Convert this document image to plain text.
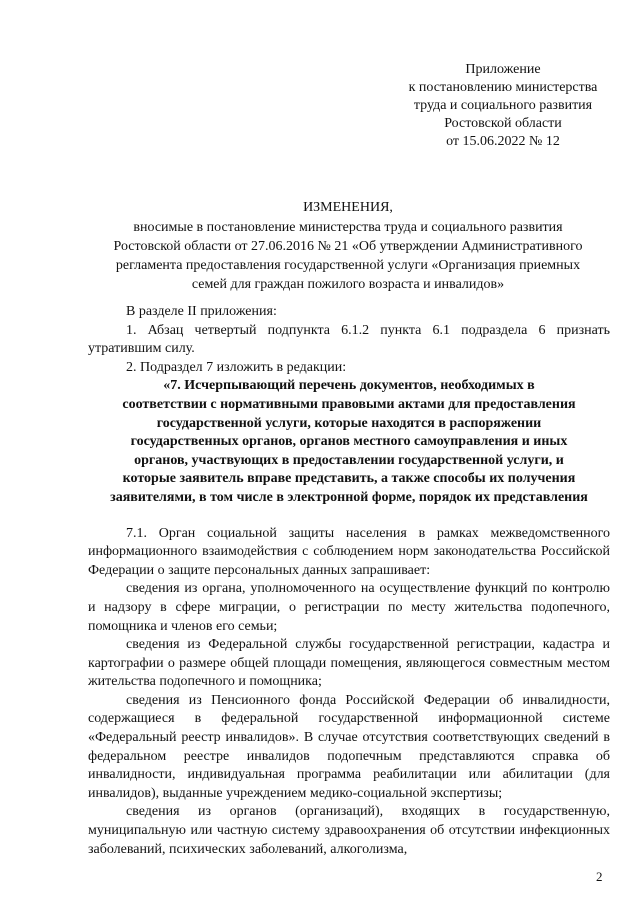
Приложение
к постановлению министерства
труда и социального развития
Ростовской области
от 15.06.2022 № 12
ИЗМЕНЕНИЯ,
вносимые в постановление министерства труда и социального развития
Ростовской области от 27.06.2016 № 21 «Об утверждении Административного
регламента предоставления государственной услуги «Организация приемных
семей для граждан пожилого возраста и инвалидов»

В разделе II приложения:

1. Абзац четвертый подпункта 6.1.2 пункта 6.1 подраздела 6 признать утратившим силу.

2. Подраздел 7 изложить в редакции:

«7. Исчерпывающий перечень документов, необходимых в

соответствии с нормативными правовыми актами для предоставления

государственной услуги, которые находятся в распоряжении

государственных органов, органов местного самоуправления и иных

органов, участвующих в предоставлении государственной услуги, и

которые заявитель вправе представить, а также способы их получения

заявителями, в том числе в электронной форме, порядок их представления

7.1. Орган социальной защиты населения в рамках межведомственного информационного взаимодействия с соблюдением норм законодательства Российской Федерации о защите персональных данных запрашивает:

сведения из органа, уполномоченного на осуществление функций по контролю и надзору в сфере миграции, о регистрации по месту жительства подопечного, помощника и членов его семьи;

сведения из Федеральной службы государственной регистрации, кадастра и картографии о размере общей площади помещения, являющегося совместным местом жительства подопечного и помощника;

сведения из Пенсионного фонда Российской Федерации об инвалидности, содержащиеся в федеральной государственной информационной системе «Федеральный реестр инвалидов». В случае отсутствия соответствующих сведений в федеральном реестре инвалидов подопечным представляются справка об инвалидности, индивидуальная программа реабилитации или абилитации (для инвалидов), выданные учреждением медико-социальной экспертизы;

сведения из органов (организаций), входящих в государственную, муниципальную или частную систему здравоохранения об отсутствии инфекционных заболеваний, психических заболеваний, алкоголизма,

2
